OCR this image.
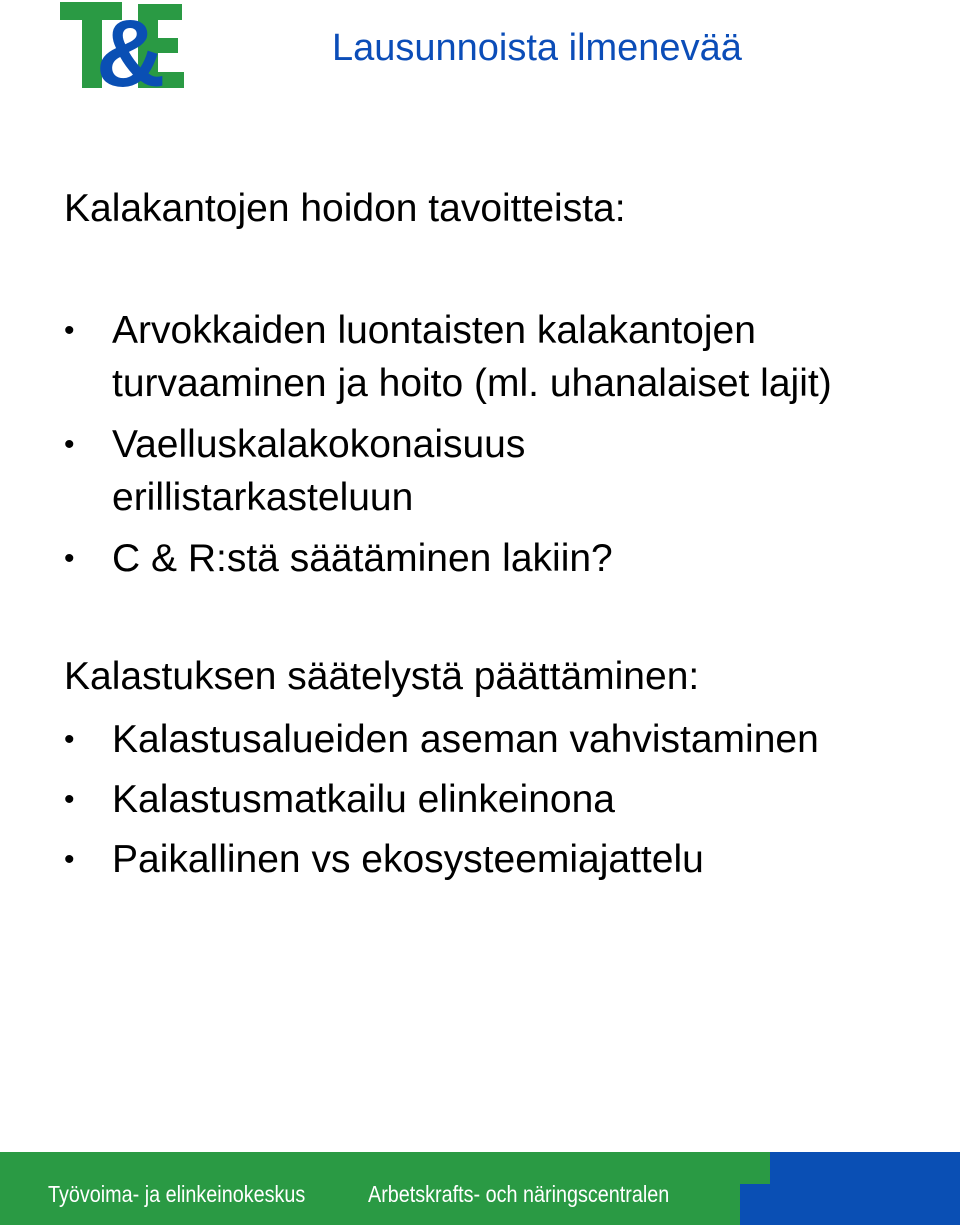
&	Lausunnoista ilmenevää
Kalakantojen hoidon tavoitteista:
• Arvokkaiden luontaisten kalakantojen
turvaaminen ja hoito (ml. uhanalaiset lajit)
• Vaelluskalakokonaisuus
erillistarkasteluun
• C & R:stä säätäminen lakiin?
Kalastuksen säätelystä päättäminen:
• Kalastusalueiden aseman vahvistaminen
• Kalastusmatkailu elinkeinona
• Paikallinen vs ekosysteemiajattelu
Työvoima- ja elinkeinokeskus	Arbetskrafts- och näringscentralen
